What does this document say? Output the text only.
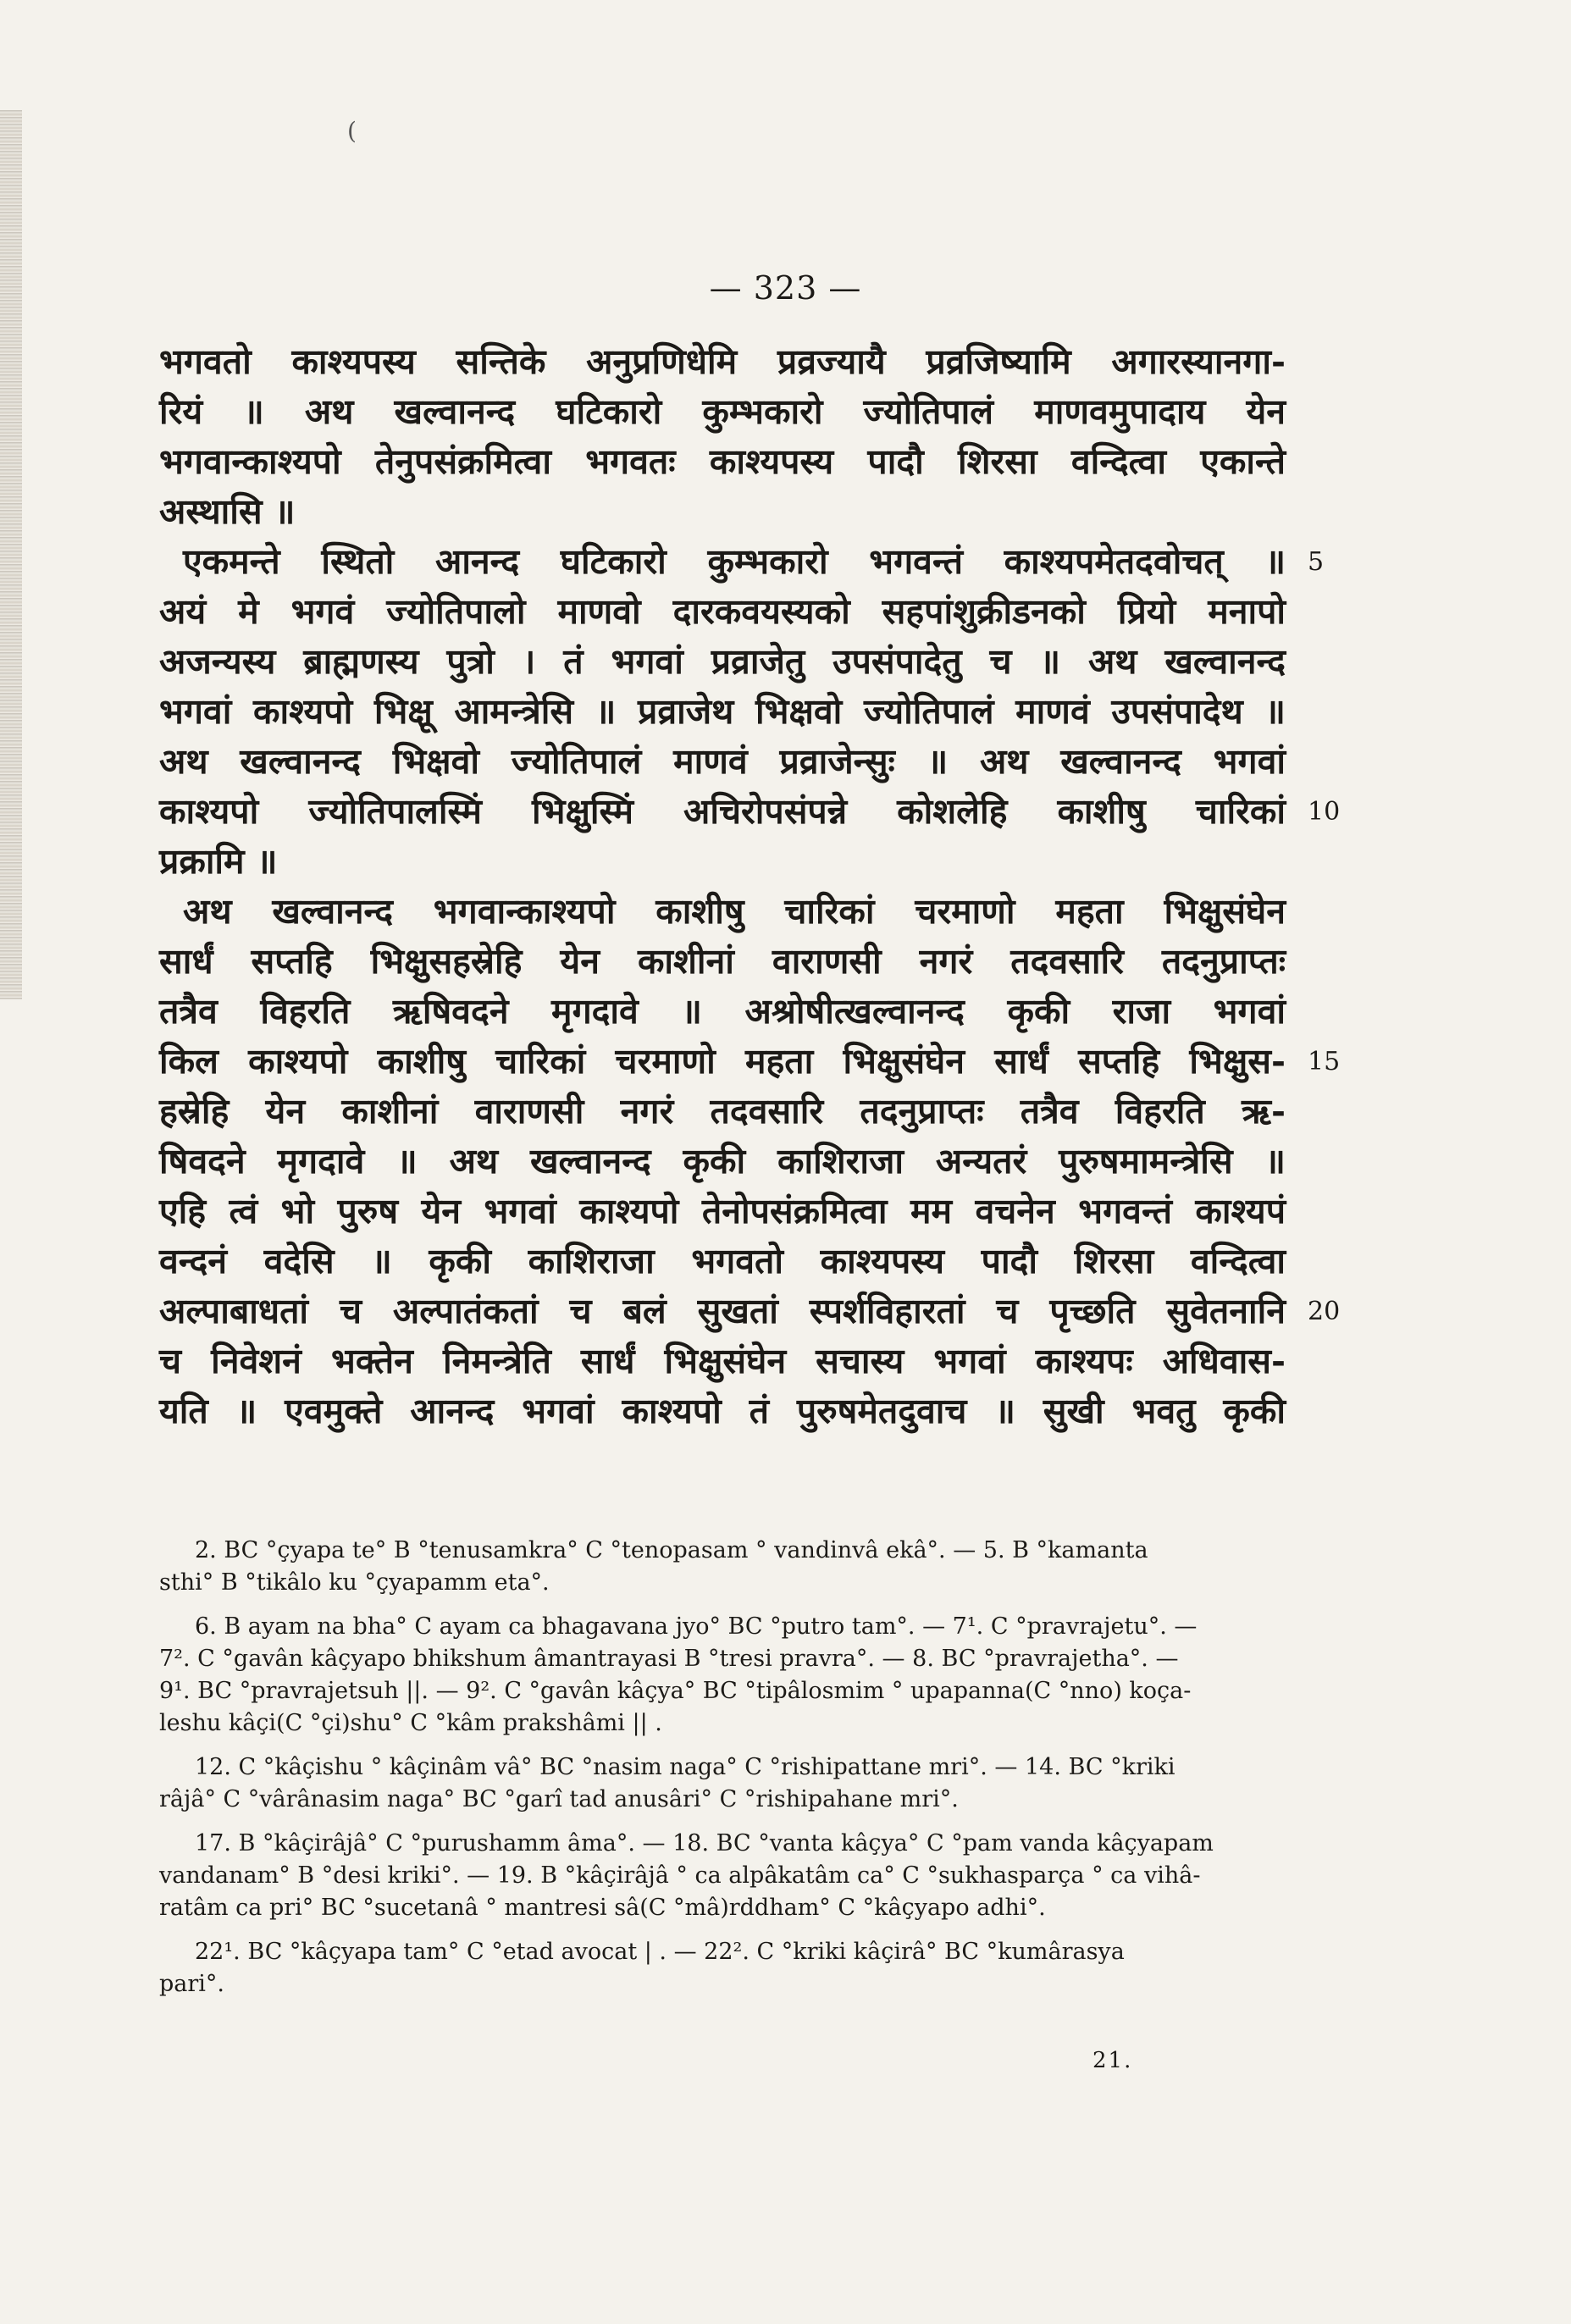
(
— 323 —
भगवतो काश्यपस्य सन्तिके अनुप्रणिधेमि प्रव्रज्यायै प्रव्रजिष्यामि अगारस्यानगा-
रियं ॥ अथ खल्वानन्द घटिकारो कुम्भकारो ज्योतिपालं माणवमुपादाय येन
भगवान्काश्यपो तेनुपसंक्रमित्वा भगवतः काश्यपस्य पादौ शिरसा वन्दित्वा एकान्ते
अस्थासि ॥
एकमन्ते स्थितो आनन्द घटिकारो कुम्भकारो भगवन्तं काश्यपमेतदवोचत् ॥ 5
अयं मे भगवं ज्योतिपालो माणवो दारकवयस्यको सहपांशुक्रीडनको प्रियो मनापो
अजन्यस्य ब्राह्मणस्य पुत्रो । तं भगवां प्रव्राजेतु उपसंपादेतु च ॥ अथ खल्वानन्द
भगवां काश्यपो भिक्षू आमन्त्रेसि ॥ प्रव्राजेथ भिक्षवो ज्योतिपालं माणवं उपसंपादेथ ॥
अथ खल्वानन्द भिक्षवो ज्योतिपालं माणवं प्रव्राजेन्सुः ॥ अथ खल्वानन्द भगवां
काश्यपो ज्योतिपालस्मिं भिक्षुस्मिं अचिरोपसंपन्ने कोशलेहि काशीषु चारिकां 10
प्रक्रामि ॥
अथ खल्वानन्द भगवान्काश्यपो काशीषु चारिकां चरमाणो महता भिक्षुसंघेन
सार्धं सप्तहि भिक्षुसहस्रेहि येन काशीनां वाराणसी नगरं तदवसारि तदनुप्राप्तः
तत्रैव विहरति ऋषिवदने मृगदावे ॥ अश्रोषीत्खल्वानन्द कृकी राजा भगवां
किल काश्यपो काशीषु चारिकां चरमाणो महता भिक्षुसंघेन सार्धं सप्तहि भिक्षुस- 15
हस्रेहि येन काशीनां वाराणसी नगरं तदवसारि तदनुप्राप्तः तत्रैव विहरति ऋ-
षिवदने मृगदावे ॥ अथ खल्वानन्द कृकी काशिराजा अन्यतरं पुरुषमामन्त्रेसि ॥
एहि त्वं भो पुरुष येन भगवां काश्यपो तेनोपसंक्रमित्वा मम वचनेन भगवन्तं काश्यपं
वन्दनं वदेसि ॥ कृकी काशिराजा भगवतो काश्यपस्य पादौ शिरसा वन्दित्वा
अल्पाबाधतां च अल्पातंकतां च बलं सुखतां स्पर्शविहारतां च पृच्छति सुवेतनानि 20
च निवेशनं भक्तेन निमन्त्रेति सार्धं भिक्षुसंघेन सचास्य भगवां काश्यपः अधिवास-
यति ॥ एवमुक्ते आनन्द भगवां काश्यपो तं पुरुषमेतदुवाच ॥ सुखी भवतु कृकी
2. BC °çyapa te° B °tenusamkra° C °tenopasam ° vandinvâ ekâ°. — 5. B °kamanta
sthi° B °tikâlo ku °çyapamm eta°.
6. B ayam na bha° C ayam ca bhagavana jyo° BC °putro tam°. — 7¹. C °pravrajetu°. —
7². C °gavân kâçyapo bhikshum âmantrayasi B °tresi pravra°. — 8. BC °pravrajetha°. —
9¹. BC °pravrajetsuh ||. — 9². C °gavân kâçya° BC °tipâlosmim ° upapanna(C °nno) koça-
leshu kâçi(C °çi)shu° C °kâm prakshâmi || .
12. C °kâçishu ° kâçinâm vâ° BC °nasim naga° C °rishipattane mri°. — 14. BC °kriki
râjâ° C °vârânasim naga° BC °garî tad anusâri° C °rishipahane mri°.
17. B °kâçirâjâ° C °purushamm âma°. — 18. BC °vanta kâçya° C °pam vanda kâçyapam
vandanam° B °desi kriki°. — 19. B °kâçirâjâ ° ca alpâkatâm ca° C °sukhasparça ° ca vihâ-
ratâm ca pri° BC °sucetanâ ° mantresi sâ(C °mâ)rddham° C °kâçyapo adhi°.
22¹. BC °kâçyapa tam° C °etad avocat | . — 22². C °kriki kâçirâ° BC °kumârasya
pari°.
21.
